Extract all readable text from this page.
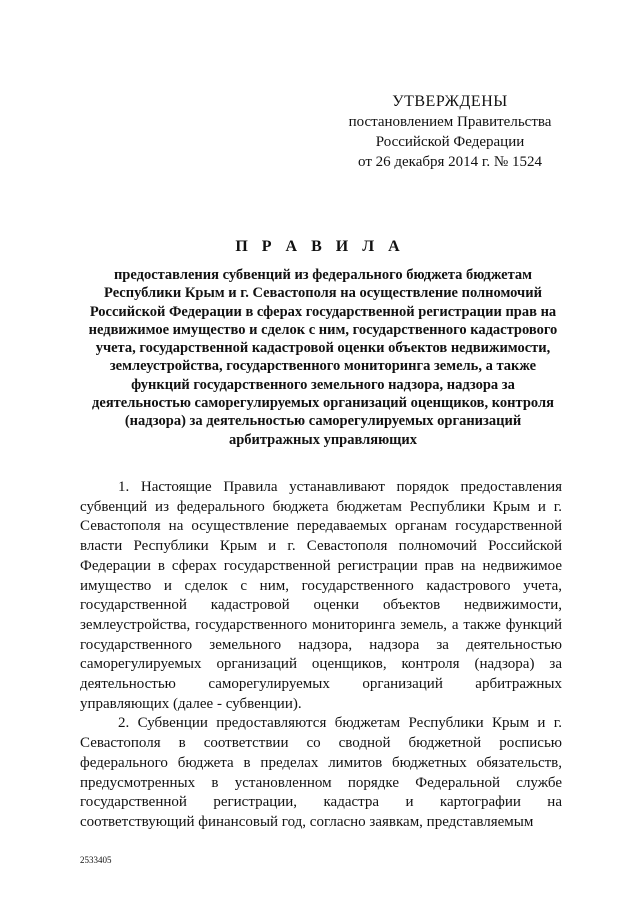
УТВЕРЖДЕНЫ
постановлением Правительства
Российской Федерации
от 26 декабря 2014 г. № 1524
П Р А В И Л А
предоставления субвенций из федерального бюджета бюджетам Республики Крым и г. Севастополя на осуществление полномочий Российской Федерации в сферах государственной регистрации прав на недвижимое имущество и сделок с ним, государственного кадастрового учета, государственной кадастровой оценки объектов недвижимости, землеустройства, государственного мониторинга земель, а также функций государственного земельного надзора, надзора за деятельностью саморегулируемых организаций оценщиков, контроля (надзора) за деятельностью саморегулируемых организаций арбитражных управляющих

1. Настоящие Правила устанавливают порядок предоставления субвенций из федерального бюджета бюджетам Республики Крым и г. Севастополя на осуществление передаваемых органам государственной власти Республики Крым и г. Севастополя полномочий Российской Федерации в сферах государственной регистрации прав на недвижимое имущество и сделок с ним, государственного кадастрового учета, государственной кадастровой оценки объектов недвижимости, землеустройства, государственного мониторинга земель, а также функций государственного земельного надзора, надзора за деятельностью саморегулируемых организаций оценщиков, контроля (надзора) за деятельностью саморегулируемых организаций арбитражных управляющих (далее - субвенции).

2. Субвенции предоставляются бюджетам Республики Крым и г. Севастополя в соответствии со сводной бюджетной росписью федерального бюджета в пределах лимитов бюджетных обязательств, предусмотренных в установленном порядке Федеральной службе государственной регистрации, кадастра и картографии на соответствующий финансовый год, согласно заявкам, представляемым

2533405
